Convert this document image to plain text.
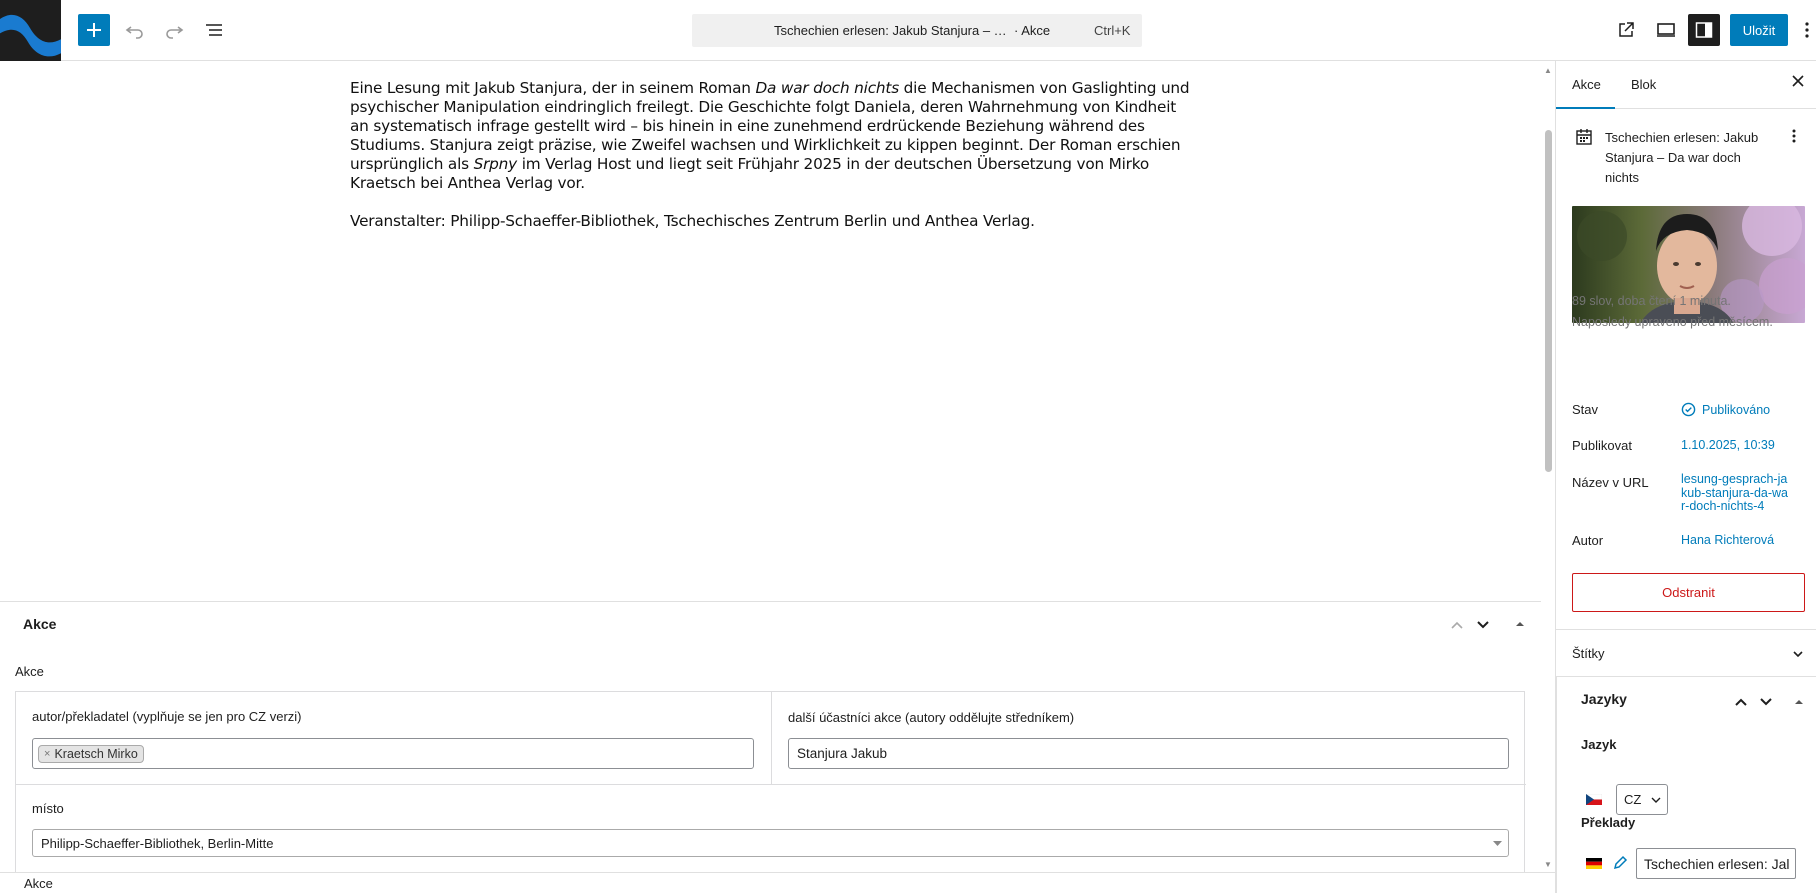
Tschechien erlesen: Jakub Stanjura – … · Akce	Ctrl+K	Uložit

Eine Lesung mit Jakub Stanjura, der in seinem Roman Da war doch nichts die Mechanismen von Gaslighting und psychischer Manipulation eindringlich freilegt. Die Geschichte folgt Daniela, deren Wahrnehmung von Kindheit an systematisch infrage gestellt wird – bis hinein in eine zunehmend erdrückende Beziehung während des Studiums. Stanjura zeigt präzise, wie Zweifel wachsen und Wirklichkeit zu kippen beginnt. Der Roman erschien ursprünglich als Srpny im Verlag Host und liegt seit Frühjahr 2025 in der deutschen Übersetzung von Mirko Kraetsch bei Anthea Verlag vor.

Veranstalter: Philipp-Schaeffer-Bibliothek, Tschechisches Zentrum Berlin und Anthea Verlag.

▲
▼
Akce
Akce
autor/překladatel (vyplňuje se jen pro CZ verzi)
× Kraetsch Mirko
další účastníci akce (autory oddělujte středníkem)
Stanjura Jakub
místo
Philipp-Schaeffer-Bibliothek, Berlin-Mitte
Akce
Akce Blok
Tschechien erlesen: Jakub Stanjura – Da war doch nichts
89 slov, doba čtení 1 minuta.
Naposledy upraveno před měsícem.
Stav	Publikováno
Publikovat	1.10.2025, 10:39
Název v URL	lesung-gesprach-jakub-stanjura-da-war-doch-nichts-4
Autor	Hana Richterová
Odstranit
Štítky
Jazyky
Jazyk
CZ
Překlady
Tschechien erlesen: Jal
